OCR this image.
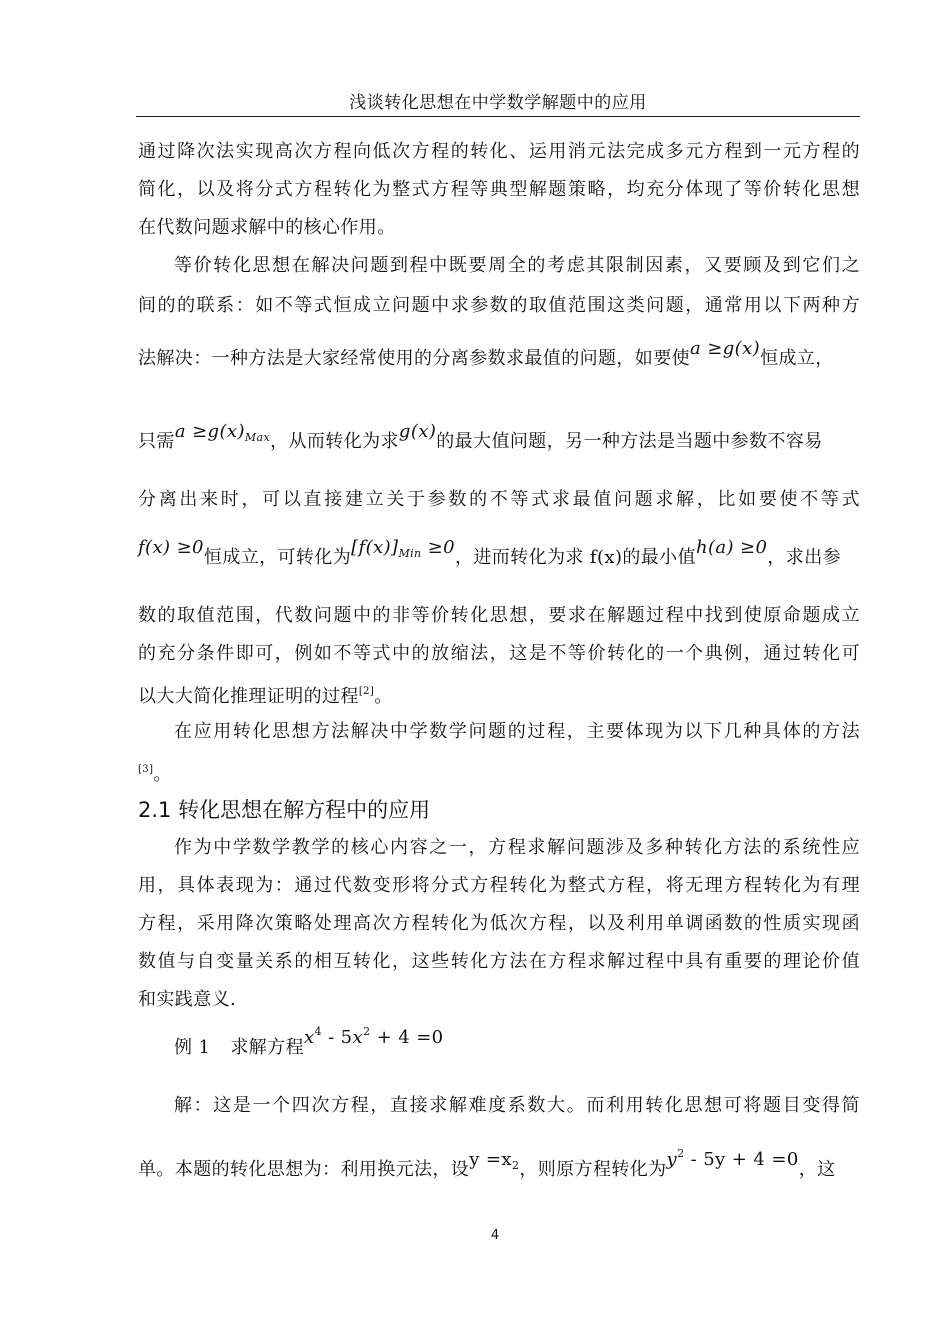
浅谈转化思想在中学数学解题中的应用
通过降次法实现高次方程向低次方程的转化、运用消元法完成多元方程到一元方程的
简化，以及将分式方程转化为整式方程等典型解题策略，均充分体现了等价转化思想
在代数问题求解中的核心作用。
等价转化思想在解决问题到程中既要周全的考虑其限制因素，又要顾及到它们之
间的的联系：如不等式恒成立问题中求参数的取值范围这类问题，通常用以下两种方
法解决：一种方法是大家经常使用的分离参数求最值的问题，如要使a ≥g(x)恒成立，
只需$a \ge g(x)_{Max}$，从而转化为求g(x)的最大值问题，另一种方法是当题中参数不容易
分离出来时，可以直接建立关于参数的不等式求最值问题求解，比如要使不等式
f(x) ≥0恒成立，可转化为$[f(x)]_{Min} \ge 0$，进而转化为求 f(x)的最小值h(a) ≥0，求出参
数的取值范围，代数问题中的非等价转化思想，要求在解题过程中找到使原命题成立
的充分条件即可，例如不等式中的放缩法，这是不等价转化的一个典例，通过转化可
以大大简化推理证明的过程[2]。
在应用转化思想方法解决中学数学问题的过程，主要体现为以下几种具体的方法
[3]。
2.1 转化思想在解方程中的应用
作为中学数学教学的核心内容之一，方程求解问题涉及多种转化方法的系统性应
用，具体表现为：通过代数变形将分式方程转化为整式方程，将无理方程转化为有理
方程，采用降次策略处理高次方程转化为低次方程，以及利用单调函数的性质实现函
数值与自变量关系的相互转化，这些转化方法在方程求解过程中具有重要的理论价值
和实践意义.
例 1 求解方程$x^4 - 5x^2 + 4 =0$
解：这是一个四次方程，直接求解难度系数大。而利用转化思想可将题目变得简
单。本题的转化思想为：利用换元法，设$y =x_2$，则原方程转化为$y^2 - 5y + 4 =0$，这
4
